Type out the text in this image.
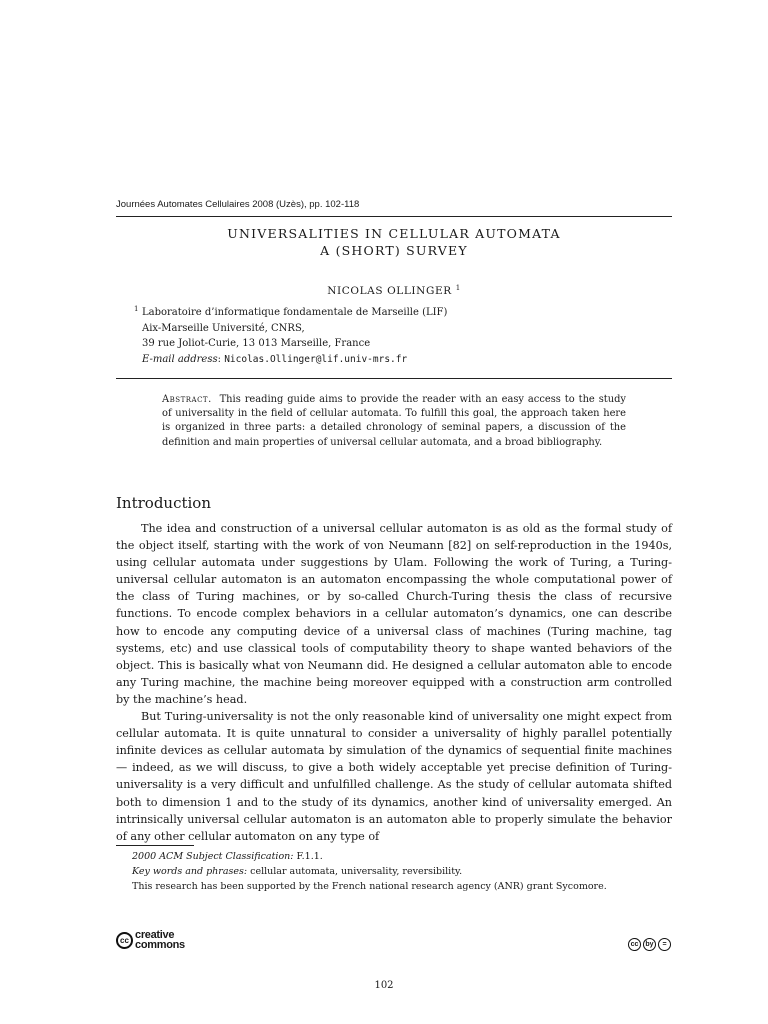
Journées Automates Cellulaires 2008 (Uzès), pp. 102-118
UNIVERSALITIES IN CELLULAR AUTOMATA
A (SHORT) SURVEY
NICOLAS OLLINGER $^1$
1 Laboratoire d’informatique fondamentale de Marseille (LIF)
Aix-Marseille Université, CNRS,
39 rue Joliot-Curie, 13 013 Marseille, France
E-mail address: Nicolas.Ollinger@lif.univ-mrs.fr
Abstract. This reading guide aims to provide the reader with an easy access to the study of universality in the field of cellular automata. To fulfill this goal, the approach taken here is organized in three parts: a detailed chronology of seminal papers, a discussion of the definition and main properties of universal cellular automata, and a broad bibliography.
Introduction

The idea and construction of a universal cellular automaton is as old as the formal study of the object itself, starting with the work of von Neumann [82] on self-reproduction in the 1940s, using cellular automata under suggestions by Ulam. Following the work of Turing, a Turing-universal cellular automaton is an automaton encompassing the whole computational power of the class of Turing machines, or by so-called Church-Turing thesis the class of recursive functions. To encode complex behaviors in a cellular automaton’s dynamics, one can describe how to encode any computing device of a universal class of machines (Turing machine, tag systems, etc) and use classical tools of computability theory to shape wanted behaviors of the object. This is basically what von Neumann did. He designed a cellular automaton able to encode any Turing machine, the machine being moreover equipped with a construction arm controlled by the machine’s head.

But Turing-universality is not the only reasonable kind of universality one might expect from cellular automata. It is quite unnatural to consider a universality of highly parallel potentially infinite devices as cellular automata by simulation of the dynamics of sequential finite machines — indeed, as we will discuss, to give a both widely acceptable yet precise definition of Turing-universality is a very difficult and unfulfilled challenge. As the study of cellular automata shifted both to dimension 1 and to the study of its dynamics, another kind of universality emerged. An intrinsically universal cellular automaton is an automaton able to properly simulate the behavior of any other cellular automaton on any type of

2000 ACM Subject Classification: F.1.1.
Key words and phrases: cellular automata, universality, reversibility.
This research has been supported by the French national research agency (ANR) grant Sycomore.
cc creative
commons	cc	by	=
102
